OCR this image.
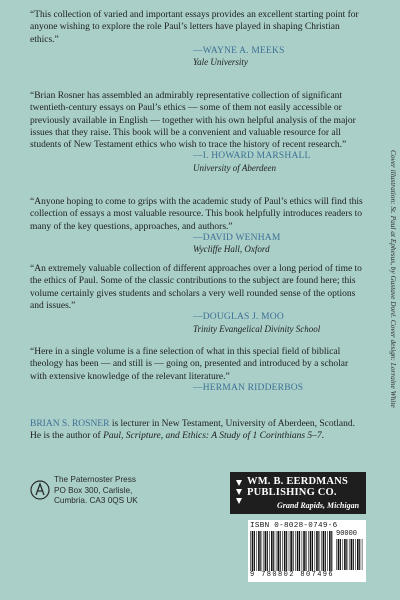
“This collection of varied and important essays provides an excellent starting point for anyone wishing to explore the role Paul’s letters have played in shaping Christian ethics.”

—WAYNE A. MEEKS
Yale University

“Brian Rosner has assembled an admirably representative collection of significant twentieth-century essays on Paul’s ethics — some of them not easily accessible or previously available in English — together with his own helpful analysis of the major issues that they raise. This book will be a convenient and valuable resource for all students of New Testament ethics who wish to trace the history of recent research.”

—I. HOWARD MARSHALL
University of Aberdeen

“Anyone hoping to come to grips with the academic study of Paul’s ethics will find this collection of essays a most valuable resource. This book helpfully introduces readers to many of the key questions, approaches, and authors.”

—DAVID WENHAM
Wycliffe Hall, Oxford

“An extremely valuable collection of different approaches over a long period of time to the ethics of Paul. Some of the classic contributions to the subject are found here; this volume certainly gives students and scholars a very well rounded sense of the options and issues.”

—DOUGLAS J. MOO
Trinity Evangelical Divinity School

“Here in a single volume is a fine selection of what in this special field of biblical theology has been — and still is — going on, presented and introduced by a scholar with extensive knowledge of the relevant literature.”

—HERMAN RIDDERBOS

BRIAN S. ROSNER is lecturer in New Testament, University of Aberdeen, Scotland. He is the author of Paul, Scripture, and Ethics: A Study of 1 Corinthians 5–7.

Cover illustration: St. Paul at Ephesus, by Gustave Doré. Cover design: Lorraine White
The Paternoster Press
PO Box 300, Carlisle,
Cumbria. CA3 0QS UK
WM. B. EERDMANS
PUBLISHING CO.
Grand Rapids, Michigan
ISBN 0-8028-0749-6
90000
9 780802 807496
